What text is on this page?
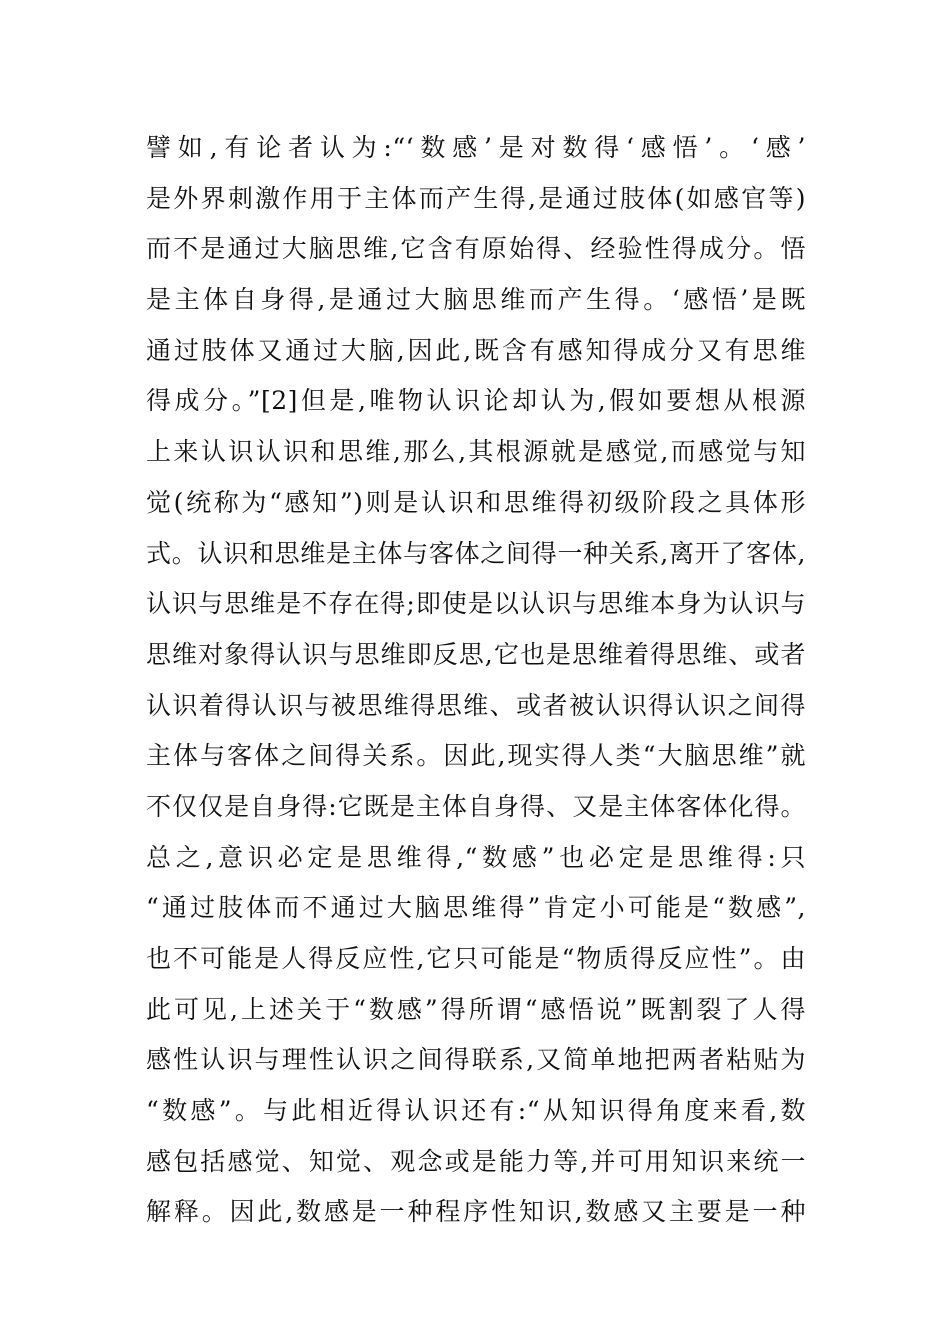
譬如,有论者认为:“‘数感’是对数得‘感悟’。‘感’
是外界刺激作用于主体而产生得,是通过肢体(如感官等)
而不是通过大脑思维,它含有原始得、经验性得成分。悟
是主体自身得,是通过大脑思维而产生得。‘感悟’是既
通过肢体又通过大脑,因此,既含有感知得成分又有思维
得成分。”[2]但是,唯物认识论却认为,假如要想从根源
上来认识认识和思维,那么,其根源就是感觉,而感觉与知
觉(统称为“感知”)则是认识和思维得初级阶段之具体形
式。认识和思维是主体与客体之间得一种关系,离开了客体,
认识与思维是不存在得;即使是以认识与思维本身为认识与
思维对象得认识与思维即反思,它也是思维着得思维、或者
认识着得认识与被思维得思维、或者被认识得认识之间得
主体与客体之间得关系。因此,现实得人类“大脑思维”就
不仅仅是自身得:它既是主体自身得、又是主体客体化得。
总之,意识必定是思维得,“数感”也必定是思维得:只
“通过肢体而不通过大脑思维得”肯定小可能是“数感”,
也不可能是人得反应性,它只可能是“物质得反应性”。由
此可见,上述关于“数感”得所谓“感悟说”既割裂了人得
感性认识与理性认识之间得联系,又简单地把两者粘贴为
“数感”。与此相近得认识还有:“从知识得角度来看,数
感包括感觉、知觉、观念或是能力等,并可用知识来统一
解释。因此,数感是一种程序性知识,数感又主要是一种
